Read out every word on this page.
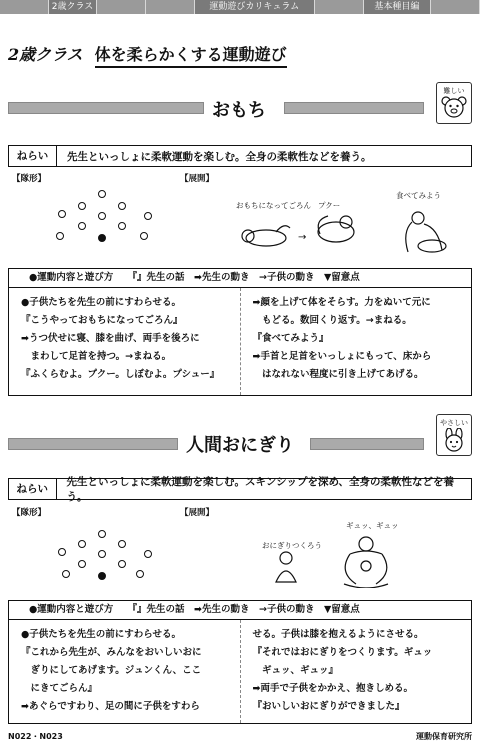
2歳クラス	運動遊びカリキュラム	基本種目編
2歳クラス 体を柔らかくする運動遊び
おもち
難しい
ねらい	先生といっしょに柔軟運動を楽しむ。全身の柔軟性などを養う。
【隊形】	【展開】
おもちになってごろん プクー
食べてみよう
→
●運動内容と遊び方　　『』先生の話　➡先生の動き　→子供の動き　▼留意点

●子供たちを先生の前にすわらせる。

『こうやっておもちになってごろん』

➡うつ伏せに寝、膝を曲げ、両手を後ろに

　まわして足首を持つ。→まねる。

『ふくらむよ。プクー。しぼむよ。プシュー』

➡顔を上げて体をそらす。力をぬいて元に

　もどる。数回くり返す。→まねる。

『食べてみよう』

➡手首と足首をいっしょにもって、床から

　はなれない程度に引き上げてあげる。

人間おにぎり
やさしい
ねらい
先生といっしょに柔軟運動を楽しむ。スキンシップを深め、全身の柔軟性などを養う。
【隊形】	【展開】
おにぎりつくろう
ギュッ、ギュッ
●運動内容と遊び方　　『』先生の話　➡先生の動き　→子供の動き　▼留意点

●子供たちを先生の前にすわらせる。

『これから先生が、みんなをおいしいおに

　ぎりにしてあげます。ジュンくん、ここ

　にきてごらん』

➡あぐらですわり、足の間に子供をすわら

せる。子供は膝を抱えるようにさせる。

『それではおにぎりをつくります。ギュッ

　ギュッ、ギュッ』

➡両手で子供をかかえ、抱きしめる。

『おいしいおにぎりができました』

N022・N023	運動保育研究所
